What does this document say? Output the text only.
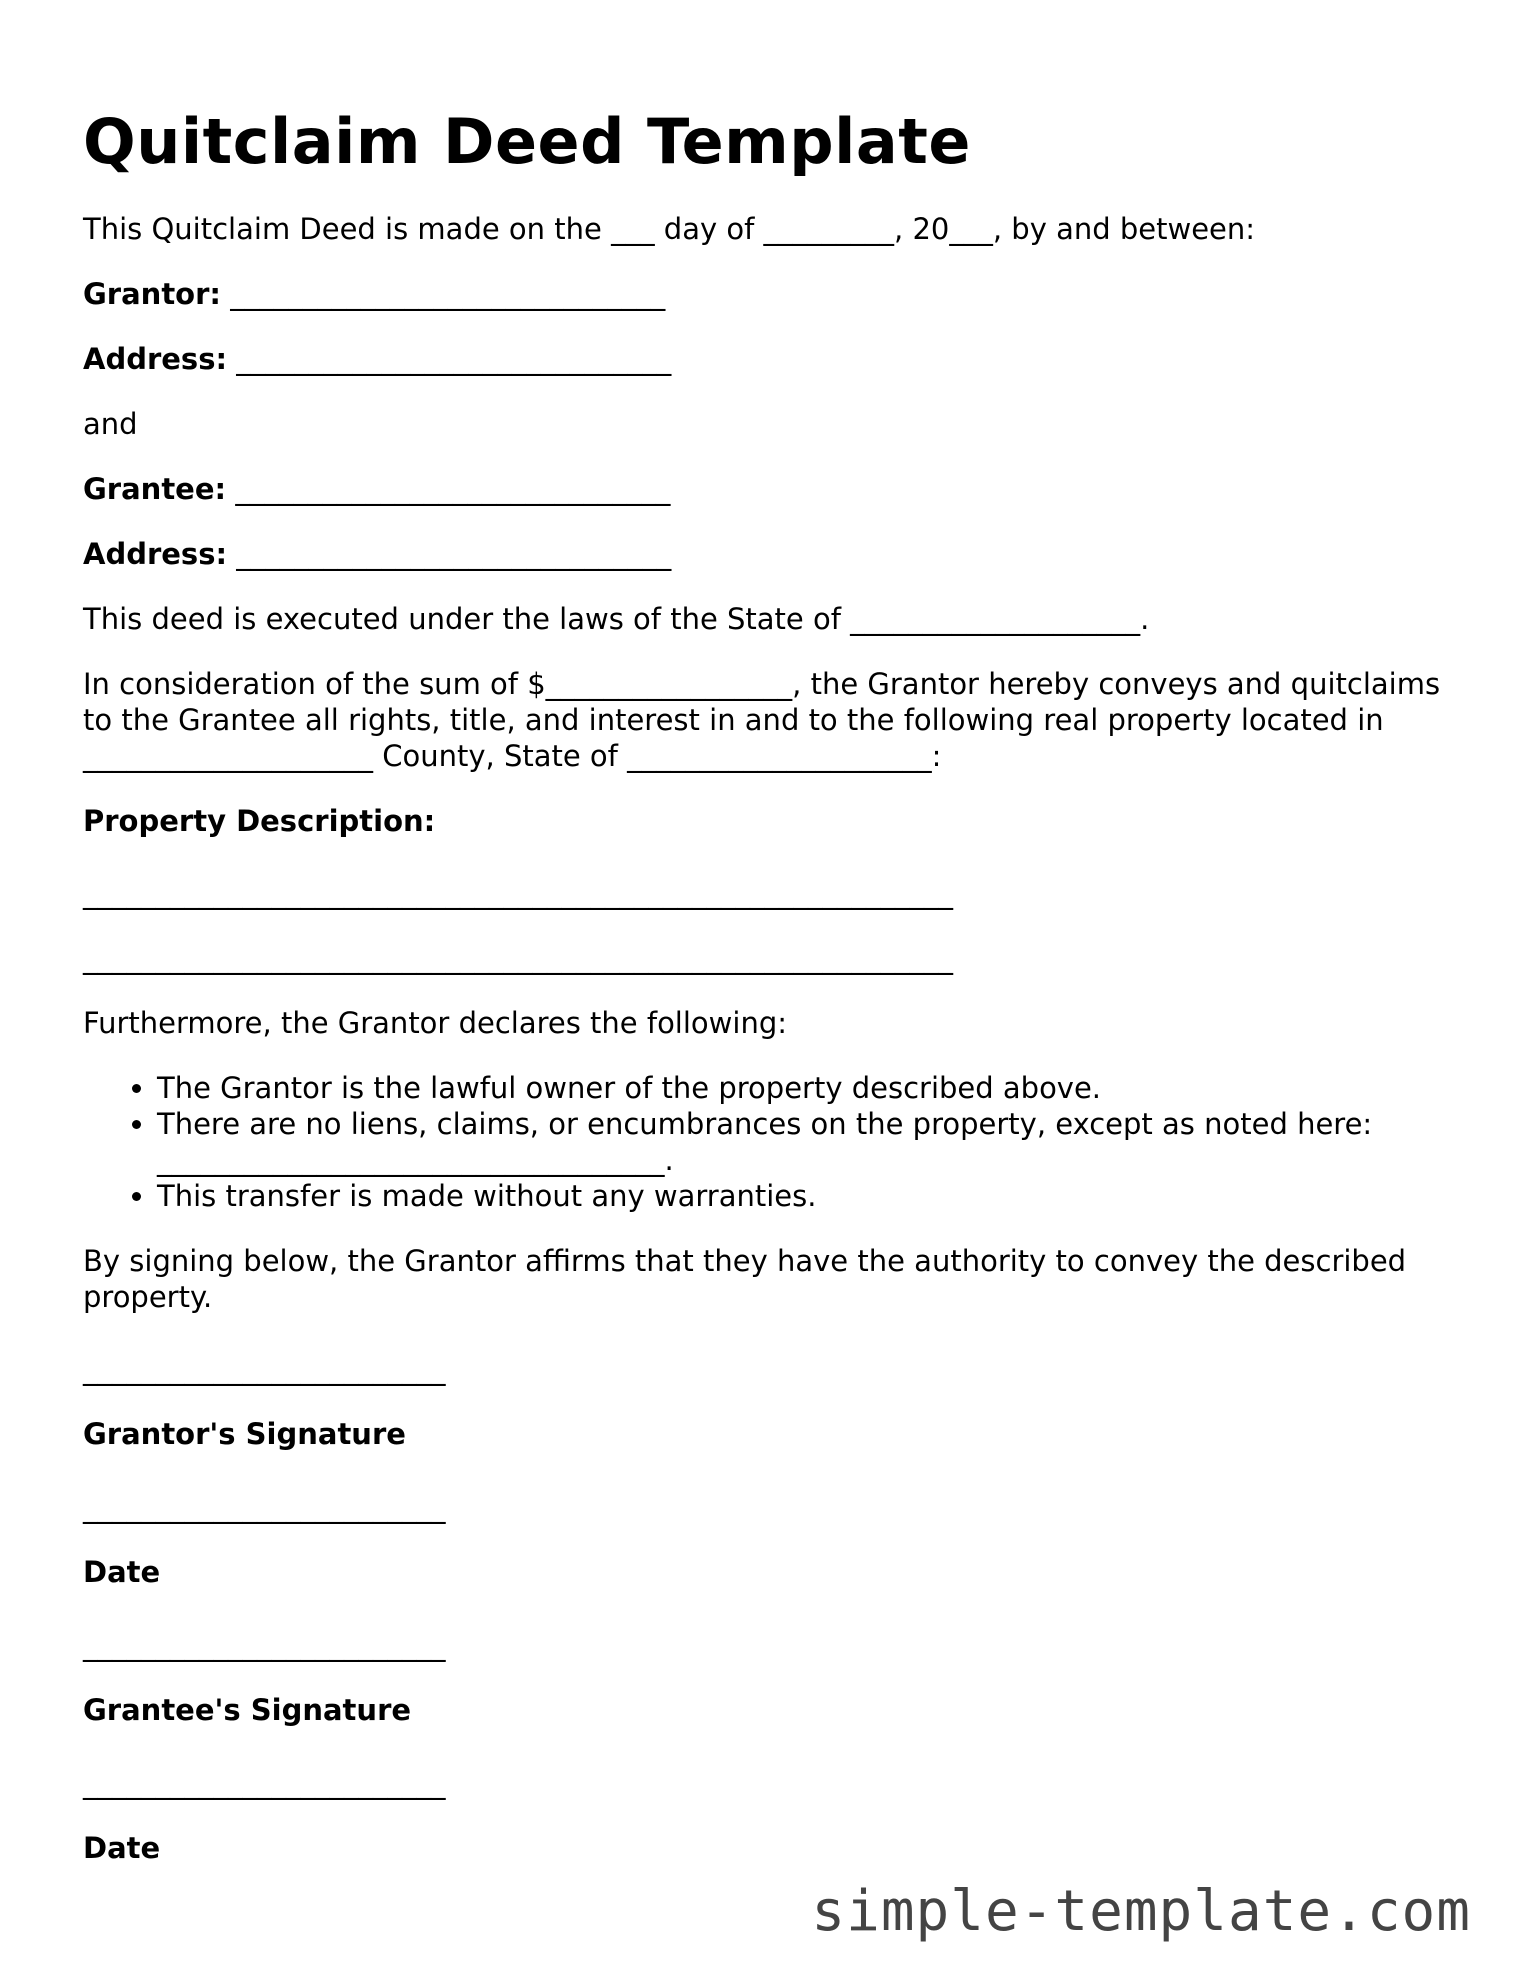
Quitclaim Deed Template

This Quitclaim Deed is made on the ___ day of _________, 20___, by and between:

Grantor: ______________________________
Address: ______________________________

and

Grantee: ______________________________
Address: ______________________________

This deed is executed under the laws of the State of ____________________.

In consideration of the sum of $_________________, the Grantor hereby conveys and quitclaims to the Grantee all rights, title, and interest in and to the following real property located in ____________________ County, State of _____________________:

Property Description:

____________________________________________________________
____________________________________________________________

Furthermore, the Grantor declares the following:

• The Grantor is the lawful owner of the property described above.
• There are no liens, claims, or encumbrances on the property, except as noted here: ___________________________________.
• This transfer is made without any warranties.

By signing below, the Grantor affirms that they have the authority to convey the described property.

_________________________
Grantor's Signature
_________________________
Date
_________________________
Grantee's Signature
_________________________
Date
simple-template.com
